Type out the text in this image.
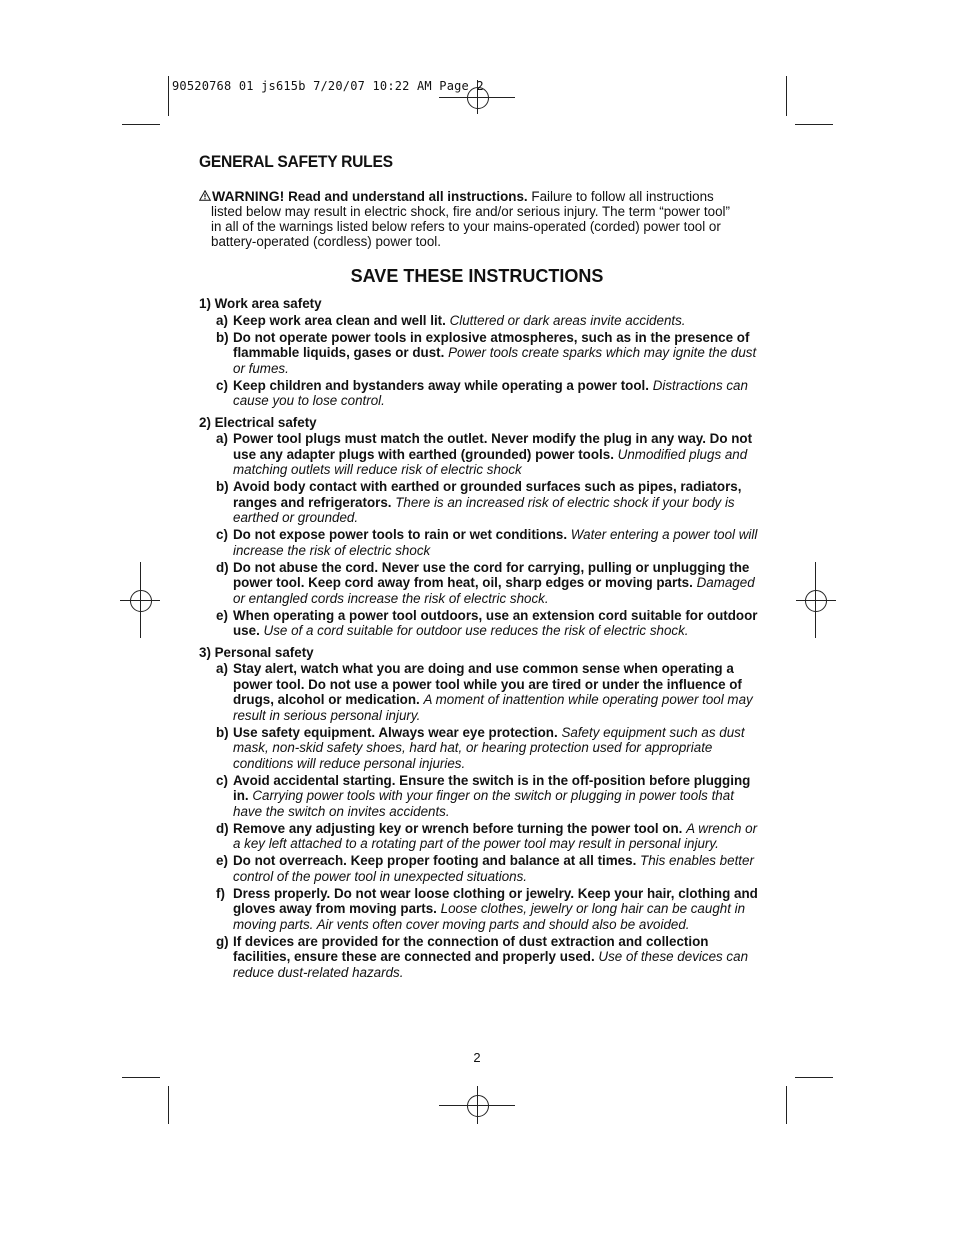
90520768 01 js615b 7/20/07 10:22 AM Page 2
GENERAL SAFETY RULES
WARNING! Read and understand all instructions. Failure to follow all instructions
listed below may result in electric shock, fire and/or serious injury. The term “power tool”
in all of the warnings listed below refers to your mains-operated (corded) power tool or
battery-operated (cordless) power tool.
SAVE THESE INSTRUCTIONS
1) Work area safety
a) Keep work area clean and well lit. Cluttered or dark areas invite accidents.
b) Do not operate power tools in explosive atmospheres, such as in the presence of flammable liquids, gases or dust. Power tools create sparks which may ignite the dust or fumes.
c) Keep children and bystanders away while operating a power tool. Distractions can cause you to lose control.
2) Electrical safety
a) Power tool plugs must match the outlet. Never modify the plug in any way. Do not use any adapter plugs with earthed (grounded) power tools. Unmodified plugs and matching outlets will reduce risk of electric shock
b) Avoid body contact with earthed or grounded surfaces such as pipes, radiators, ranges and refrigerators. There is an increased risk of electric shock if your body is earthed or grounded.
c) Do not expose power tools to rain or wet conditions. Water entering a power tool will increase the risk of electric shock
d) Do not abuse the cord. Never use the cord for carrying, pulling or unplugging the power tool. Keep cord away from heat, oil, sharp edges or moving parts. Damaged or entangled cords increase the risk of electric shock.
e) When operating a power tool outdoors, use an extension cord suitable for outdoor use. Use of a cord suitable for outdoor use reduces the risk of electric shock.
3) Personal safety
a) Stay alert, watch what you are doing and use common sense when operating a power tool. Do not use a power tool while you are tired or under the influence of drugs, alcohol or medication. A moment of inattention while operating power tool may result in serious personal injury.
b) Use safety equipment. Always wear eye protection. Safety equipment such as dust mask, non-skid safety shoes, hard hat, or hearing protection used for appropriate conditions will reduce personal injuries.
c) Avoid accidental starting. Ensure the switch is in the off-position before plugging in. Carrying power tools with your finger on the switch or plugging in power tools that have the switch on invites accidents.
d) Remove any adjusting key or wrench before turning the power tool on. A wrench or a key left attached to a rotating part of the power tool may result in personal injury.
e) Do not overreach. Keep proper footing and balance at all times. This enables better control of the power tool in unexpected situations.
f) Dress properly. Do not wear loose clothing or jewelry. Keep your hair, clothing and gloves away from moving parts. Loose clothes, jewelry or long hair can be caught in moving parts. Air vents often cover moving parts and should also be avoided.
g) If devices are provided for the connection of dust extraction and collection facilities, ensure these are connected and properly used. Use of these devices can reduce dust-related hazards.
2
